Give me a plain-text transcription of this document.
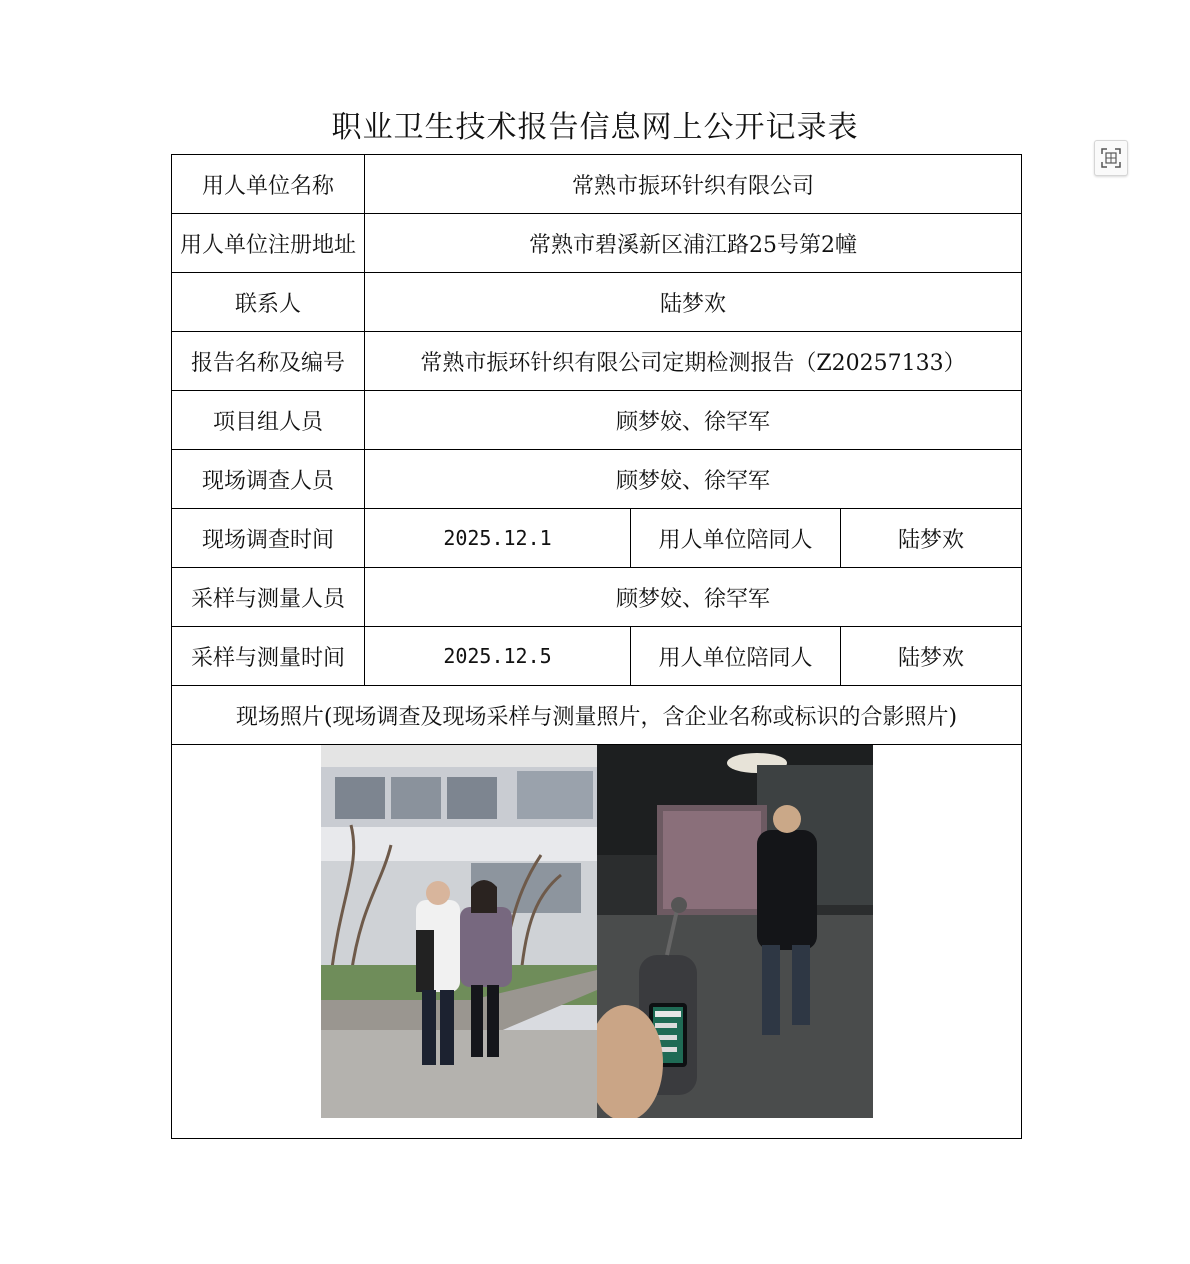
职业卫生技术报告信息网上公开记录表
用人单位名称	常熟市振环针织有限公司		
用人单位注册地址	常熟市碧溪新区浦江路25号第2幢		
联系人	陆梦欢		
报告名称及编号	常熟市振环针织有限公司定期检测报告（Z20257133）		
项目组人员	顾梦姣、徐罕军		
现场调查人员	顾梦姣、徐罕军		
现场调查时间	2025.12.1	用人单位陪同人	陆梦欢
采样与测量人员	顾梦姣、徐罕军		
采样与测量时间	2025.12.5	用人单位陪同人	陆梦欢
现场照片(现场调查及现场采样与测量照片，含企业名称或标识的合影照片)			
